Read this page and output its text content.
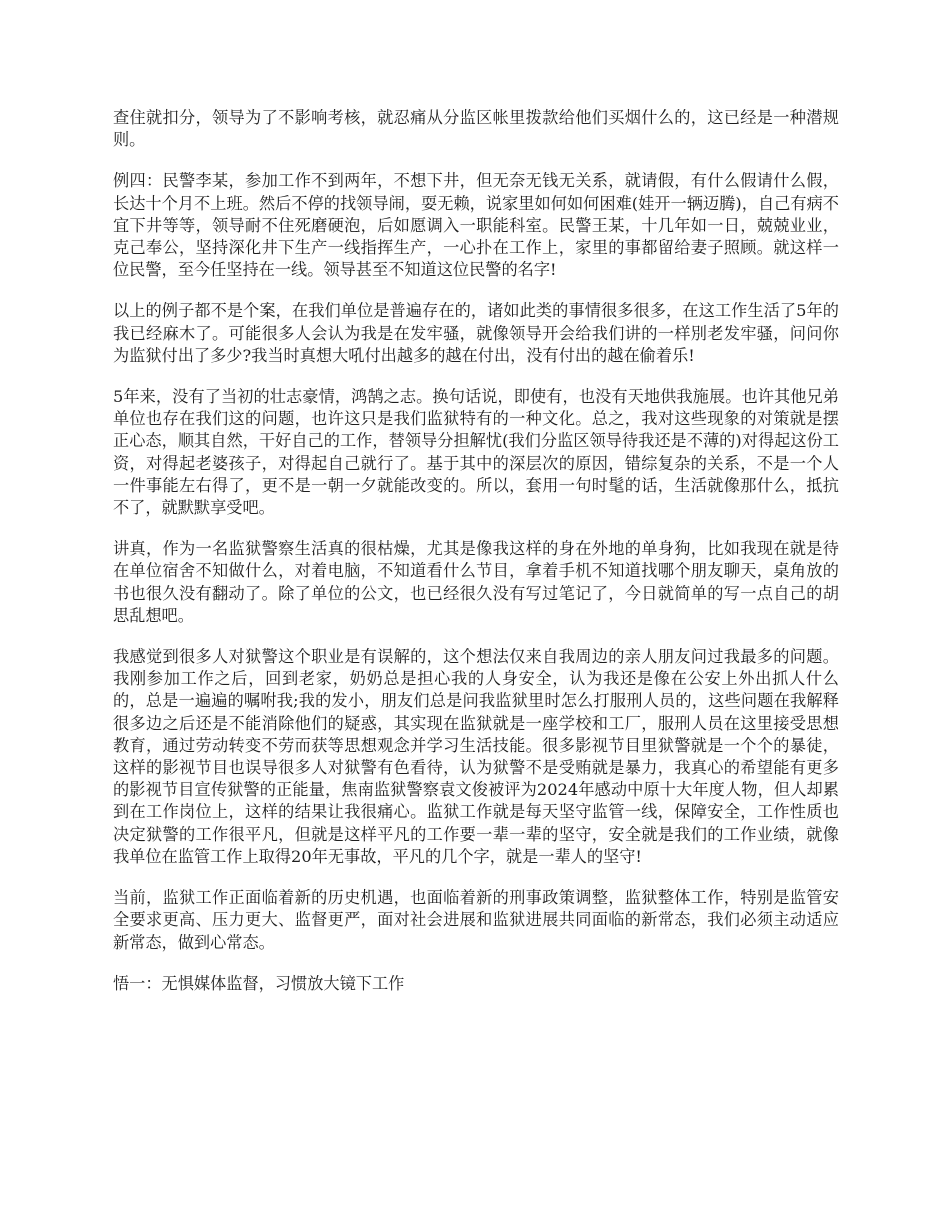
查住就扣分，领导为了不影响考核，就忍痛从分监区帐里拨款给他们买烟什么的，这已经是一种潜规则。

例四：民警李某，参加工作不到两年，不想下井，但无奈无钱无关系，就请假，有什么假请什么假，长达十个月不上班。然后不停的找领导闹，耍无赖，说家里如何如何困难(娃开一辆迈腾)，自己有病不宜下井等等，领导耐不住死磨硬泡，后如愿调入一职能科室。民警王某，十几年如一日，兢兢业业，克己奉公，坚持深化井下生产一线指挥生产，一心扑在工作上，家里的事都留给妻子照顾。就这样一位民警，至今任坚持在一线。领导甚至不知道这位民警的名字!

以上的例子都不是个案，在我们单位是普遍存在的，诸如此类的事情很多很多，在这工作生活了5年的我已经麻木了。可能很多人会认为我是在发牢骚，就像领导开会给我们讲的一样別老发牢骚，问问你为监狱付出了多少?我当时真想大吼付出越多的越在付出，没有付出的越在偷着乐!

5年来，没有了当初的壮志豪情，鸿鹄之志。换句话说，即使有，也没有天地供我施展。也许其他兄弟单位也存在我们这的问题，也许这只是我们监狱特有的一种文化。总之，我对这些现象的对策就是摆正心态，顺其自然，干好自己的工作，替领导分担解忧(我们分监区领导待我还是不薄的)对得起这份工资，对得起老婆孩子，对得起自己就行了。基于其中的深层次的原因，错综复杂的关系，不是一个人一件事能左右得了，更不是一朝一夕就能改变的。所以，套用一句时髦的话，生活就像那什么，抵抗不了，就默默享受吧。

讲真，作为一名监狱警察生活真的很枯燥，尤其是像我这样的身在外地的单身狗，比如我现在就是待在单位宿舍不知做什么，对着电脑，不知道看什么节目，拿着手机不知道找哪个朋友聊天，桌角放的书也很久没有翻动了。除了单位的公文，也已经很久没有写过笔记了，今日就简单的写一点自己的胡思乱想吧。

我感觉到很多人对狱警这个职业是有误解的，这个想法仅来自我周边的亲人朋友问过我最多的问题。我刚参加工作之后，回到老家，奶奶总是担心我的人身安全，认为我还是像在公安上外出抓人什么的，总是一遍遍的嘱咐我;我的发小，朋友们总是问我监狱里时怎么打服刑人员的，这些问题在我解释很多边之后还是不能消除他们的疑惑，其实现在监狱就是一座学校和工厂，服刑人员在这里接受思想教育，通过劳动转变不劳而获等思想观念并学习生活技能。很多影视节目里狱警就是一个个的暴徒，这样的影视节目也误导很多人对狱警有色看待，认为狱警不是受贿就是暴力，我真心的希望能有更多的影视节目宣传狱警的正能量，焦南监狱警察袁文俊被评为2024年感动中原十大年度人物，但人却累到在工作岗位上，这样的结果让我很痛心。监狱工作就是每天坚守监管一线，保障安全，工作性质也决定狱警的工作很平凡，但就是这样平凡的工作要一辈一辈的坚守，安全就是我们的工作业绩，就像我单位在监管工作上取得20年无事故，平凡的几个字，就是一辈人的坚守!

当前，监狱工作正面临着新的历史机遇，也面临着新的刑事政策调整，监狱整体工作，特别是监管安全要求更高、压力更大、监督更严，面对社会进展和监狱进展共同面临的新常态，我们必须主动适应新常态，做到心常态。

悟一：无惧媒体监督，习惯放大镜下工作
